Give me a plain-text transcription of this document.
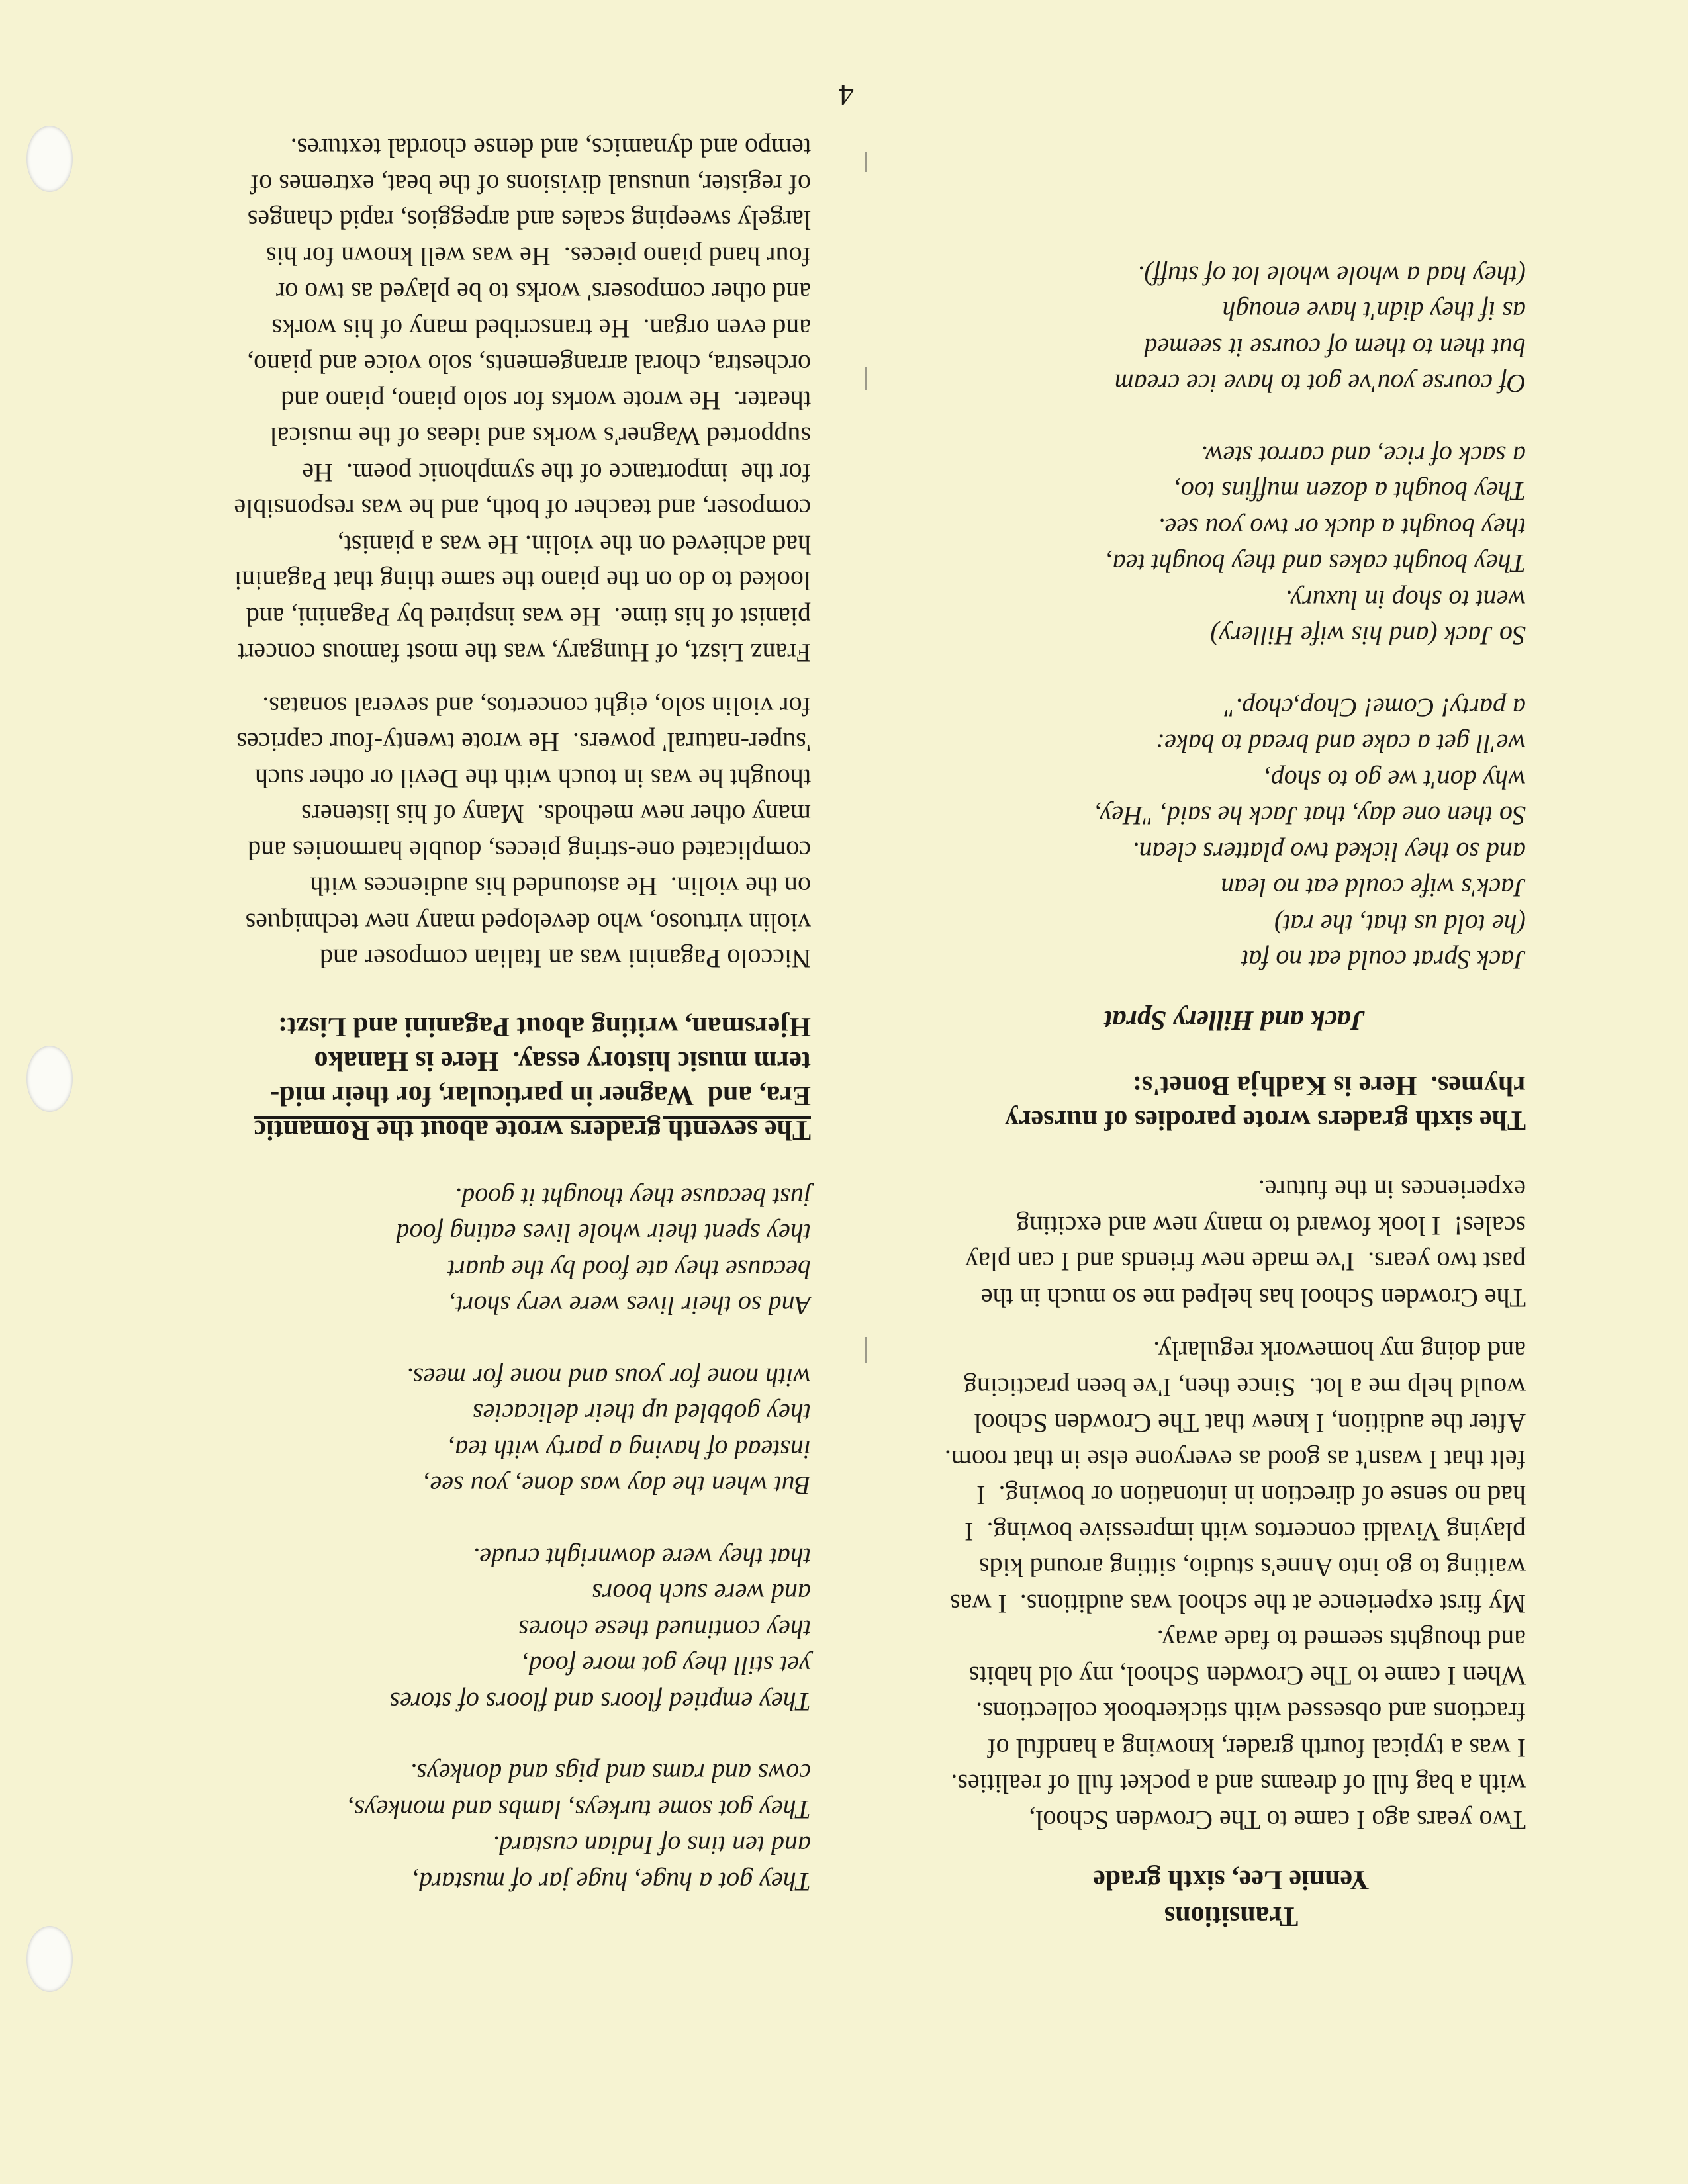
Transitions

Yennie Lee, sixth grade

Two years ago I came to The Crowden School,

with a bag full of dreams and a pocket full of realities.

I was a typical fourth grader, knowing a handful of

fractions and obsessed with stickerbook collections.

When I came to The Crowden School, my old habits

and thoughts seemed to fade away.

My first experience at the school was auditions.  I was

waiting to go into Anne's studio, sitting around kids

playing Vivaldi concertos with impressive bowing.  I

had no sense of direction in intonation or bowing.  I

felt that I wasn't as good as everyone else in that room.

After the audition, I knew that The Crowden School

would help me a lot.  Since then, I've been practicing

and doing my homework regularly.

The Crowden School has helped me so much in the

past two years.  I've made new friends and I can play

scales!  I look foward to many new and exciting

experiences in the future.

The sixth graders wrote parodies of nursery

rhymes.  Here is Kadhja Bonet's:

Jack and Hillery Sprat

Jack Sprat could eat no fat

(he told us that, the rat)

Jack's wife could eat no lean

and so they licked two platters clean.

So then one day, that Jack he said, "Hey,

why don't we go to shop,

we'll get a cake and bread to bake:

a party! Come! Chop,chop."

So Jack (and his wife Hillery)

went to shop in luxury.

They bought cakes and they bought tea,

they bought a duck or two you see.

They bought a dozen muffins too,

a sack of rice, and carrot stew.

Of course you've got to have ice cream

but then to them of course it seemed

as if they didn't have enough

(they had a whole whole lot of stuff).

They got a huge, huge jar of mustard,

and ten tins of Indian custard.

They got some turkeys, lambs and monkeys,

cows and rams and pigs and donkeys.

They emptied floors and floors of stores

yet still they got more food,

they continued these chores

and were such boors

that they were downright crude.

But when the day was done, you see,

instead of having a party with tea,

they gobbled up their delicacies

with none for yous and none for mees.

And so their lives were very short,

because they ate food by the quart

they spent their whole lives eating food

just because they thought it good.

The seventh graders wrote about the Romantic

Era, and  Wagner in particular, for their mid-

term music history essay.  Here is Hanako

Hjersman, writing about Paganini and Liszt:

Niccolo Paganini was an Italian composer and

violin virtuoso, who developed many new techniques

on the violin.  He astounded his audiences with

complicated one-string pieces, double harmonies and

many other new methods.  Many of his listeners

thought he was in touch with the Devil or other such

'super-natural' powers.  He wrote twenty-four caprices

for violin solo, eight concertos, and several sonatas.

Franz Liszt, of Hungary, was the most famous concert

pianist of his time.  He was inspired by Paganini, and

looked to do on the piano the same thing that Paganini

had achieved on the violin. He was a pianist,

composer, and teacher of both, and he was responsible

for the  importance of the symphonic poem.  He

supported Wagner's works and ideas of the musical

theater.  He wrote works for solo piano, piano and

orchestra, choral arrangements, solo voice and piano,

and even organ.  He transcribed many of his works

and other composers' works to be played as two or

four hand piano pieces.  He was well known for his

largely sweeping scales and arpeggios, rapid changes

of register, unusual divisions of the beat, extremes of

tempo and dynamics, and dense chordal textures.

4
